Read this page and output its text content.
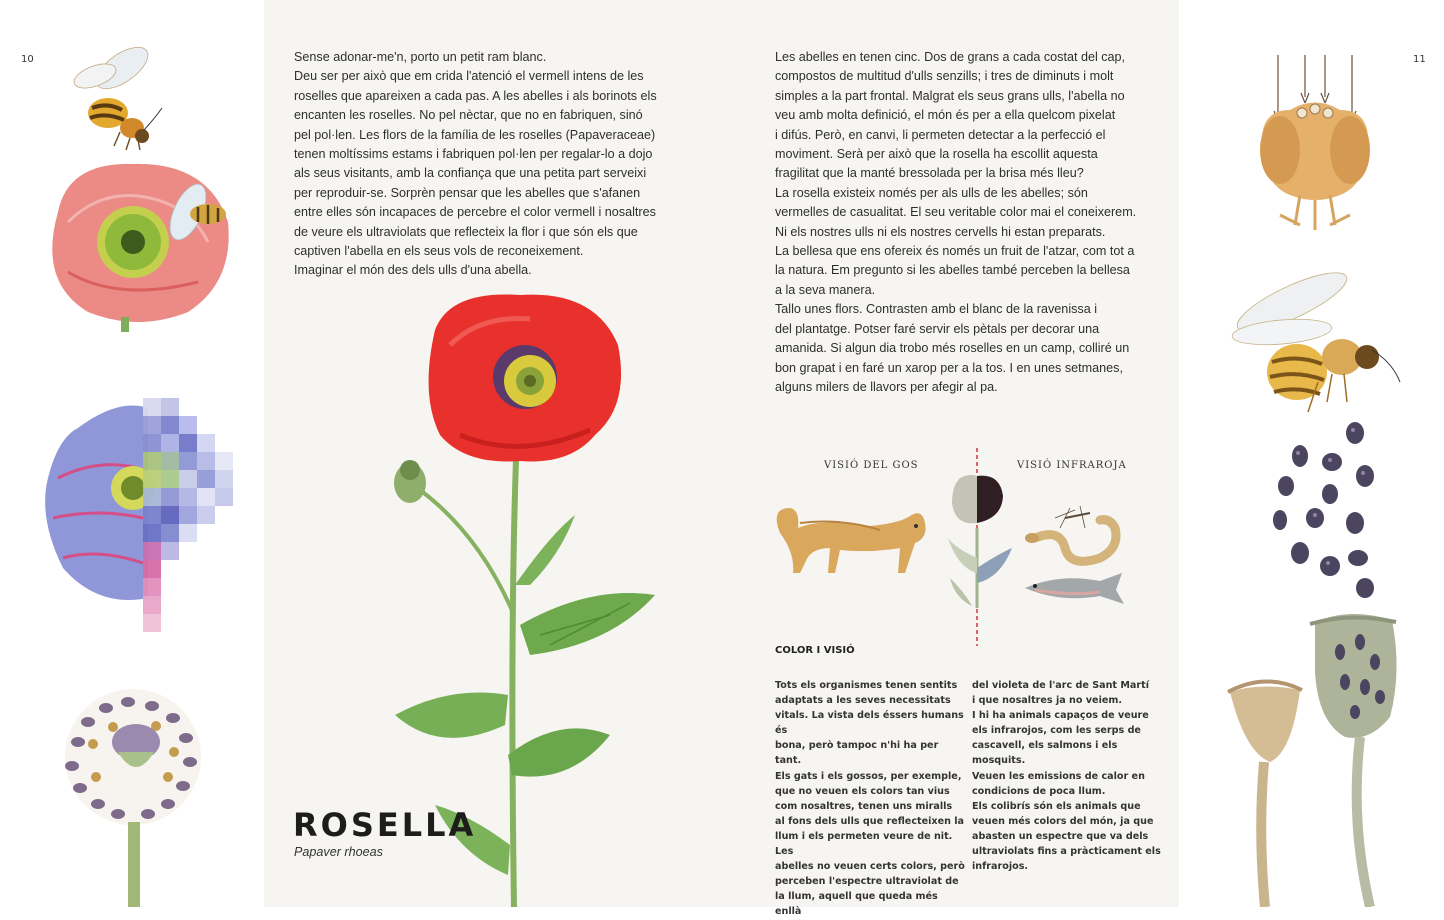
10	11

Sense adonar-me'n, porto un petit ram blanc.

Deu ser per això que em crida l'atenció el vermell intens de les

roselles que apareixen a cada pas. A les abelles i als borinots els

encanten les roselles. No pel nèctar, que no en fabriquen, sinó

pel pol·len. Les flors de la família de les roselles (Papaveraceae)

tenen moltíssims estams i fabriquen pol·len per regalar-lo a dojo

als seus visitants, amb la confiança que una petita part serveixi

per reproduir-se. Sorprèn pensar que les abelles que s'afanen

entre elles són incapaces de percebre el color vermell i nosaltres

de veure els ultraviolats que reflecteix la flor i que són els que

captiven l'abella en els seus vols de reconeixement.

Imaginar el món des dels ulls d'una abella.

ROSELLA
Papaver rhoeas

Les abelles en tenen cinc. Dos de grans a cada costat del cap,

compostos de multitud d'ulls senzills; i tres de diminuts i molt

simples a la part frontal. Malgrat els seus grans ulls, l'abella no

veu amb molta definició, el món és per a ella quelcom pixelat

i difús. Però, en canvi, li permeten detectar a la perfecció el

moviment. Serà per això que la rosella ha escollit aquesta

fragilitat que la manté bressolada per la brisa més lleu?

La rosella existeix només per als ulls de les abelles; són

vermelles de casualitat. El seu veritable color mai el coneixerem.

Ni els nostres ulls ni els nostres cervells hi estan preparats.

La bellesa que ens ofereix és només un fruit de l'atzar, com tot a

la natura. Em pregunto si les abelles també perceben la bellesa

a la seva manera.

Tallo unes flors. Contrasten amb el blanc de la ravenissa i

del plantatge. Potser faré servir els pètals per decorar una

amanida. Si algun dia trobo més roselles en un camp, colliré un

bon grapat i en faré un xarop per a la tos. I en unes setmanes,

alguns milers de llavors per afegir al pa.

VISIÓ DEL GOS	VISIÓ INFRAROJA
COLOR I VISIÓ

Tots els organismes tenen sentits

adaptats a les seves necessitats

vitals. La vista dels éssers humans és

bona, però tampoc n'hi ha per tant.

Els gats i els gossos, per exemple,

que no veuen els colors tan vius

com nosaltres, tenen uns miralls

al fons dels ulls que reflecteixen la

llum i els permeten veure de nit. Les

abelles no veuen certs colors, però

perceben l'espectre ultraviolat de

la llum, aquell que queda més enllà

del violeta de l'arc de Sant Martí

i que nosaltres ja no veiem.

I hi ha animals capaços de veure

els infrarojos, com les serps de

cascavell, els salmons i els mosquits.

Veuen les emissions de calor en

condicions de poca llum.

Els colibrís són els animals que

veuen més colors del món, ja que

abasten un espectre que va dels

ultraviolats fins a pràcticament els

infrarojos.
